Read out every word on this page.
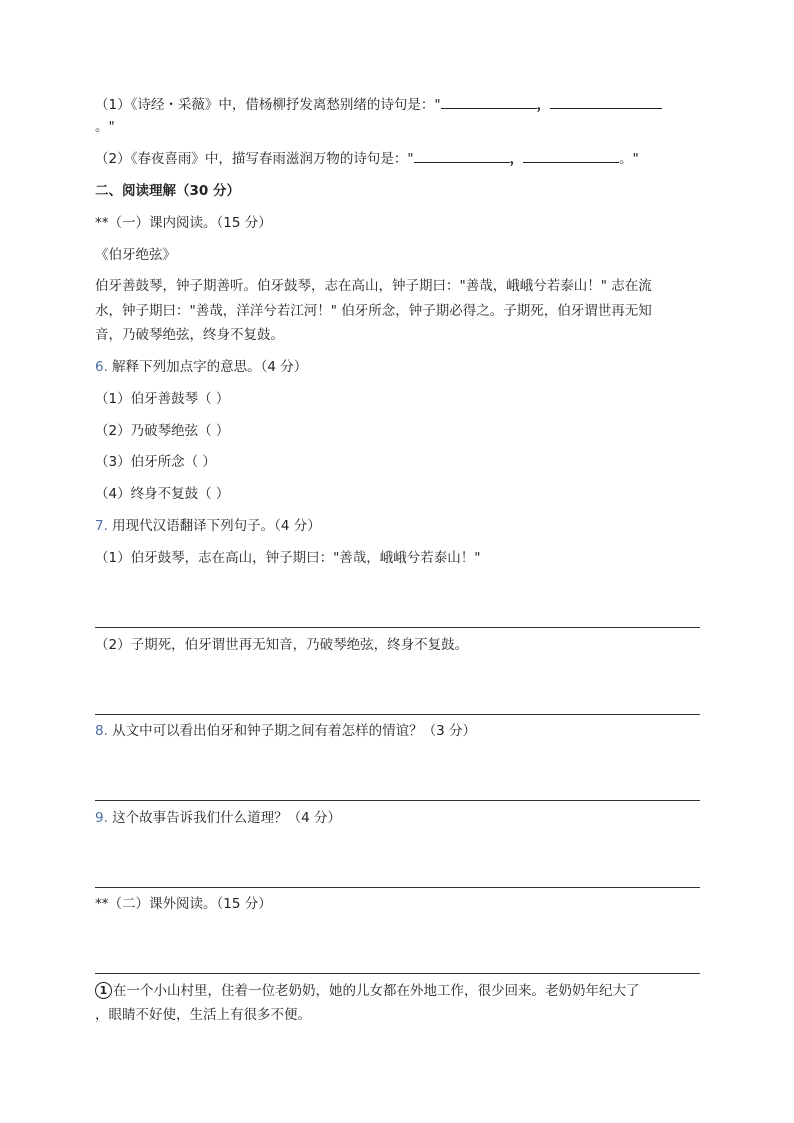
（1）《诗经・采薇》中，借杨柳抒发离愁别绪的诗句是："	，
。"
（2）《春夜喜雨》中，描写春雨滋润万物的诗句是："	，	。"
二、阅读理解（30 分）
**（一）课内阅读。（15 分）
《伯牙绝弦》
伯牙善鼓琴，钟子期善听。伯牙鼓琴，志在高山，钟子期曰："善哉，峨峨兮若泰山！" 志在流
水，钟子期曰："善哉，洋洋兮若江河！" 伯牙所念，钟子期必得之。子期死，伯牙谓世再无知
音，乃破琴绝弦，终身不复鼓。
6. 解释下列加点字的意思。（4 分）
（1）伯牙善鼓琴（ ）
（2）乃破琴绝弦（ ）
（3）伯牙所念（ ）
（4）终身不复鼓（ ）
7. 用现代汉语翻译下列句子。（4 分）
（1）伯牙鼓琴，志在高山，钟子期曰："善哉，峨峨兮若泰山！"
（2）子期死，伯牙谓世再无知音，乃破琴绝弦，终身不复鼓。
8. 从文中可以看出伯牙和钟子期之间有着怎样的情谊？（3 分）
9. 这个故事告诉我们什么道理？（4 分）
**（二）课外阅读。（15 分）
1 在一个小山村里，住着一位老奶奶，她的儿女都在外地工作，很少回来。老奶奶年纪大了
，眼睛不好使，生活上有很多不便。
